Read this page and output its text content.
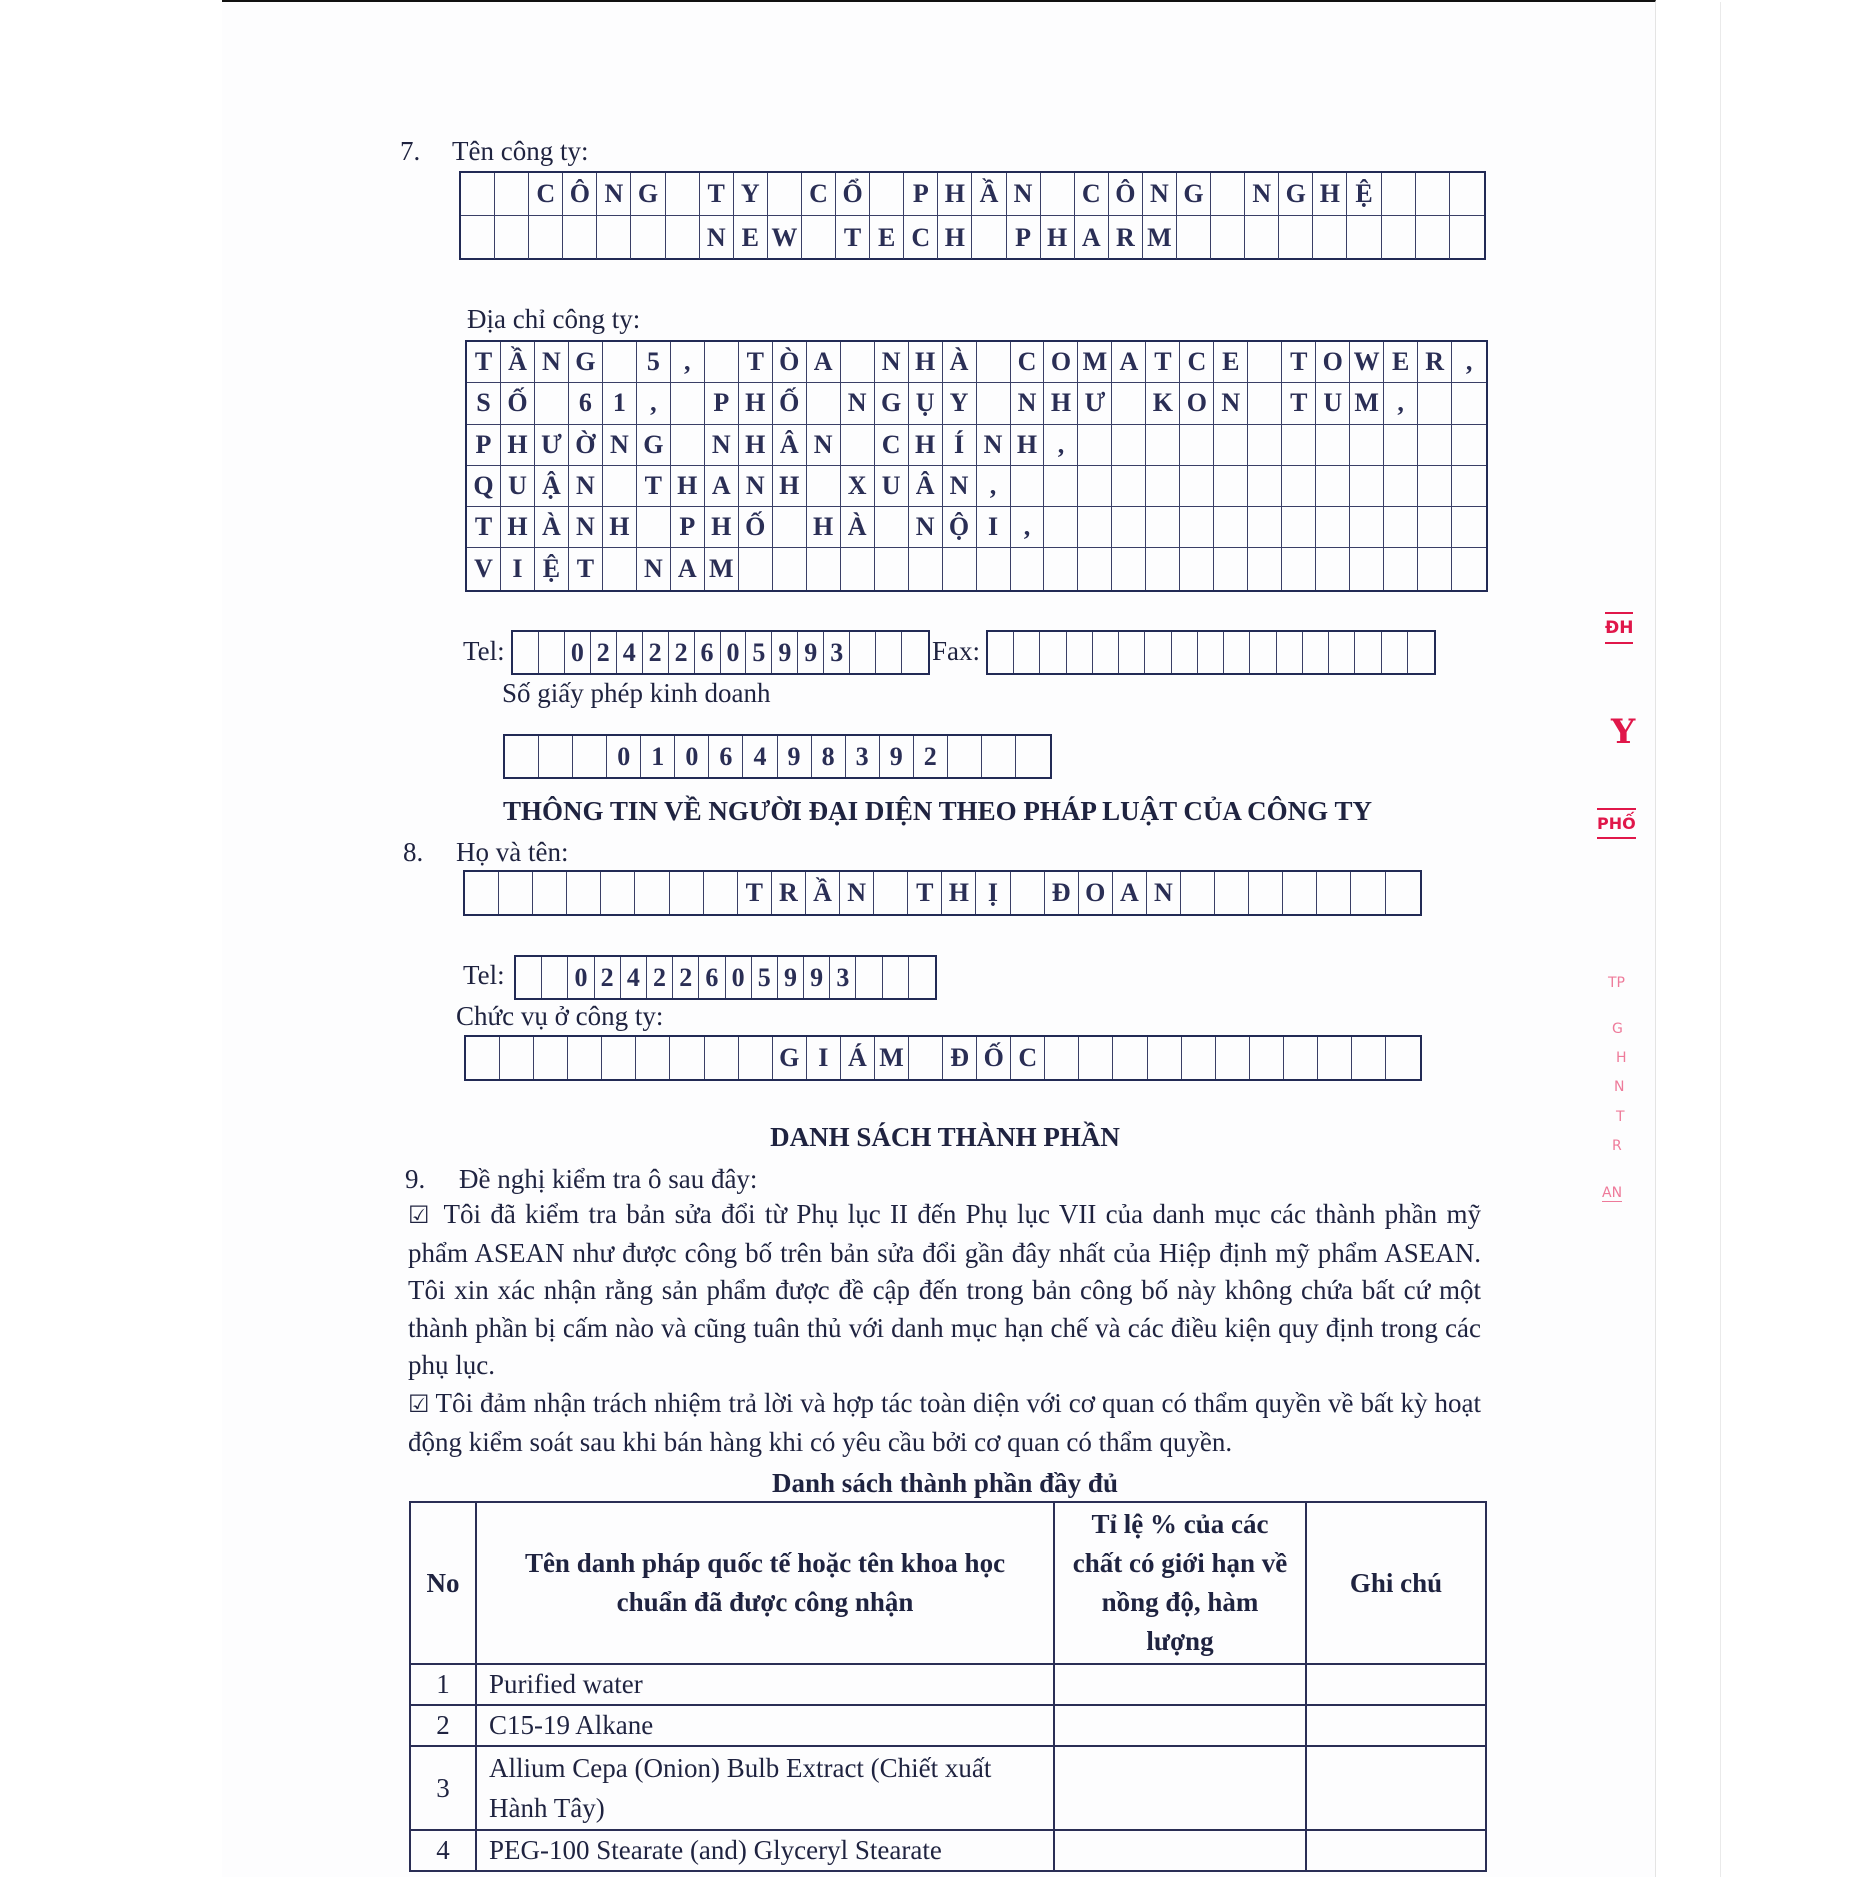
7. Tên công ty:
C Ô N G	T Y	C Ổ	P H Ầ N	C Ô N G N G H Ệ
N E W	T E C H	P H A R M
Địa chỉ công ty:
T Ầ N G	5 ,	T Ò A	N H À	C O M A T C E	T O W E R ,
S Ố	6 1 ,	P H Ố N G Ụ Y	N H Ư K O N	T U M ,
P H Ư Ờ N G N H Â N	C H Í N H ,
Q U Ậ N	T H A N H X U Â N ,
T H À N H	P H Ố H À	N Ộ I ,
V I Ệ T	N A M
Tel:	0 2 4 2 2 6 0 5 9 9 3	Fax:
Số giấy phép kinh doanh
0 1 0 6 4 9 8 3 9 2
THÔNG TIN VỀ NGƯỜI ĐẠI DIỆN THEO PHÁP LUẬT CỦA CÔNG TY
8. Họ và tên:
T R Ầ N	T H Ị	Đ O A N
Tel:	0 2 4 2 2 6 0 5 9 9 3
Chức vụ ở công ty:
G I Á M Đ Ố C
DANH SÁCH THÀNH PHẦN
9. Đề nghị kiểm tra ô sau đây:
☑ Tôi đã kiểm tra bản sửa đổi từ Phụ lục II đến Phụ lục VII của danh mục các thành phần mỹ phẩm ASEAN như được công bố trên bản sửa đổi gần đây nhất của Hiệp định mỹ phẩm ASEAN. Tôi xin xác nhận rằng sản phẩm được đề cập đến trong bản công bố này không chứa bất cứ một thành phần bị cấm nào và cũng tuân thủ với danh mục hạn chế và các điều kiện quy định trong các phụ lục.
☑ Tôi đảm nhận trách nhiệm trả lời và hợp tác toàn diện với cơ quan có thẩm quyền về bất kỳ hoạt động kiểm soát sau khi bán hàng khi có yêu cầu bởi cơ quan có thẩm quyền.
Danh sách thành phần đầy đủ
No	Tên danh pháp quốc tế hoặc tên khoa học chuẩn đã được công nhận	Tỉ lệ % của các chất có giới hạn về nồng độ, hàm lượng	Ghi chú
1	Purified water		
2	C15-19 Alkane		
3	Allium Cepa (Onion) Bulb Extract (Chiết xuất Hành Tây)		
4	PEG-100 Stearate (and) Glyceryl Stearate		
ĐH
Y
PHỐ
TP
G
H
N
T
R
AN
